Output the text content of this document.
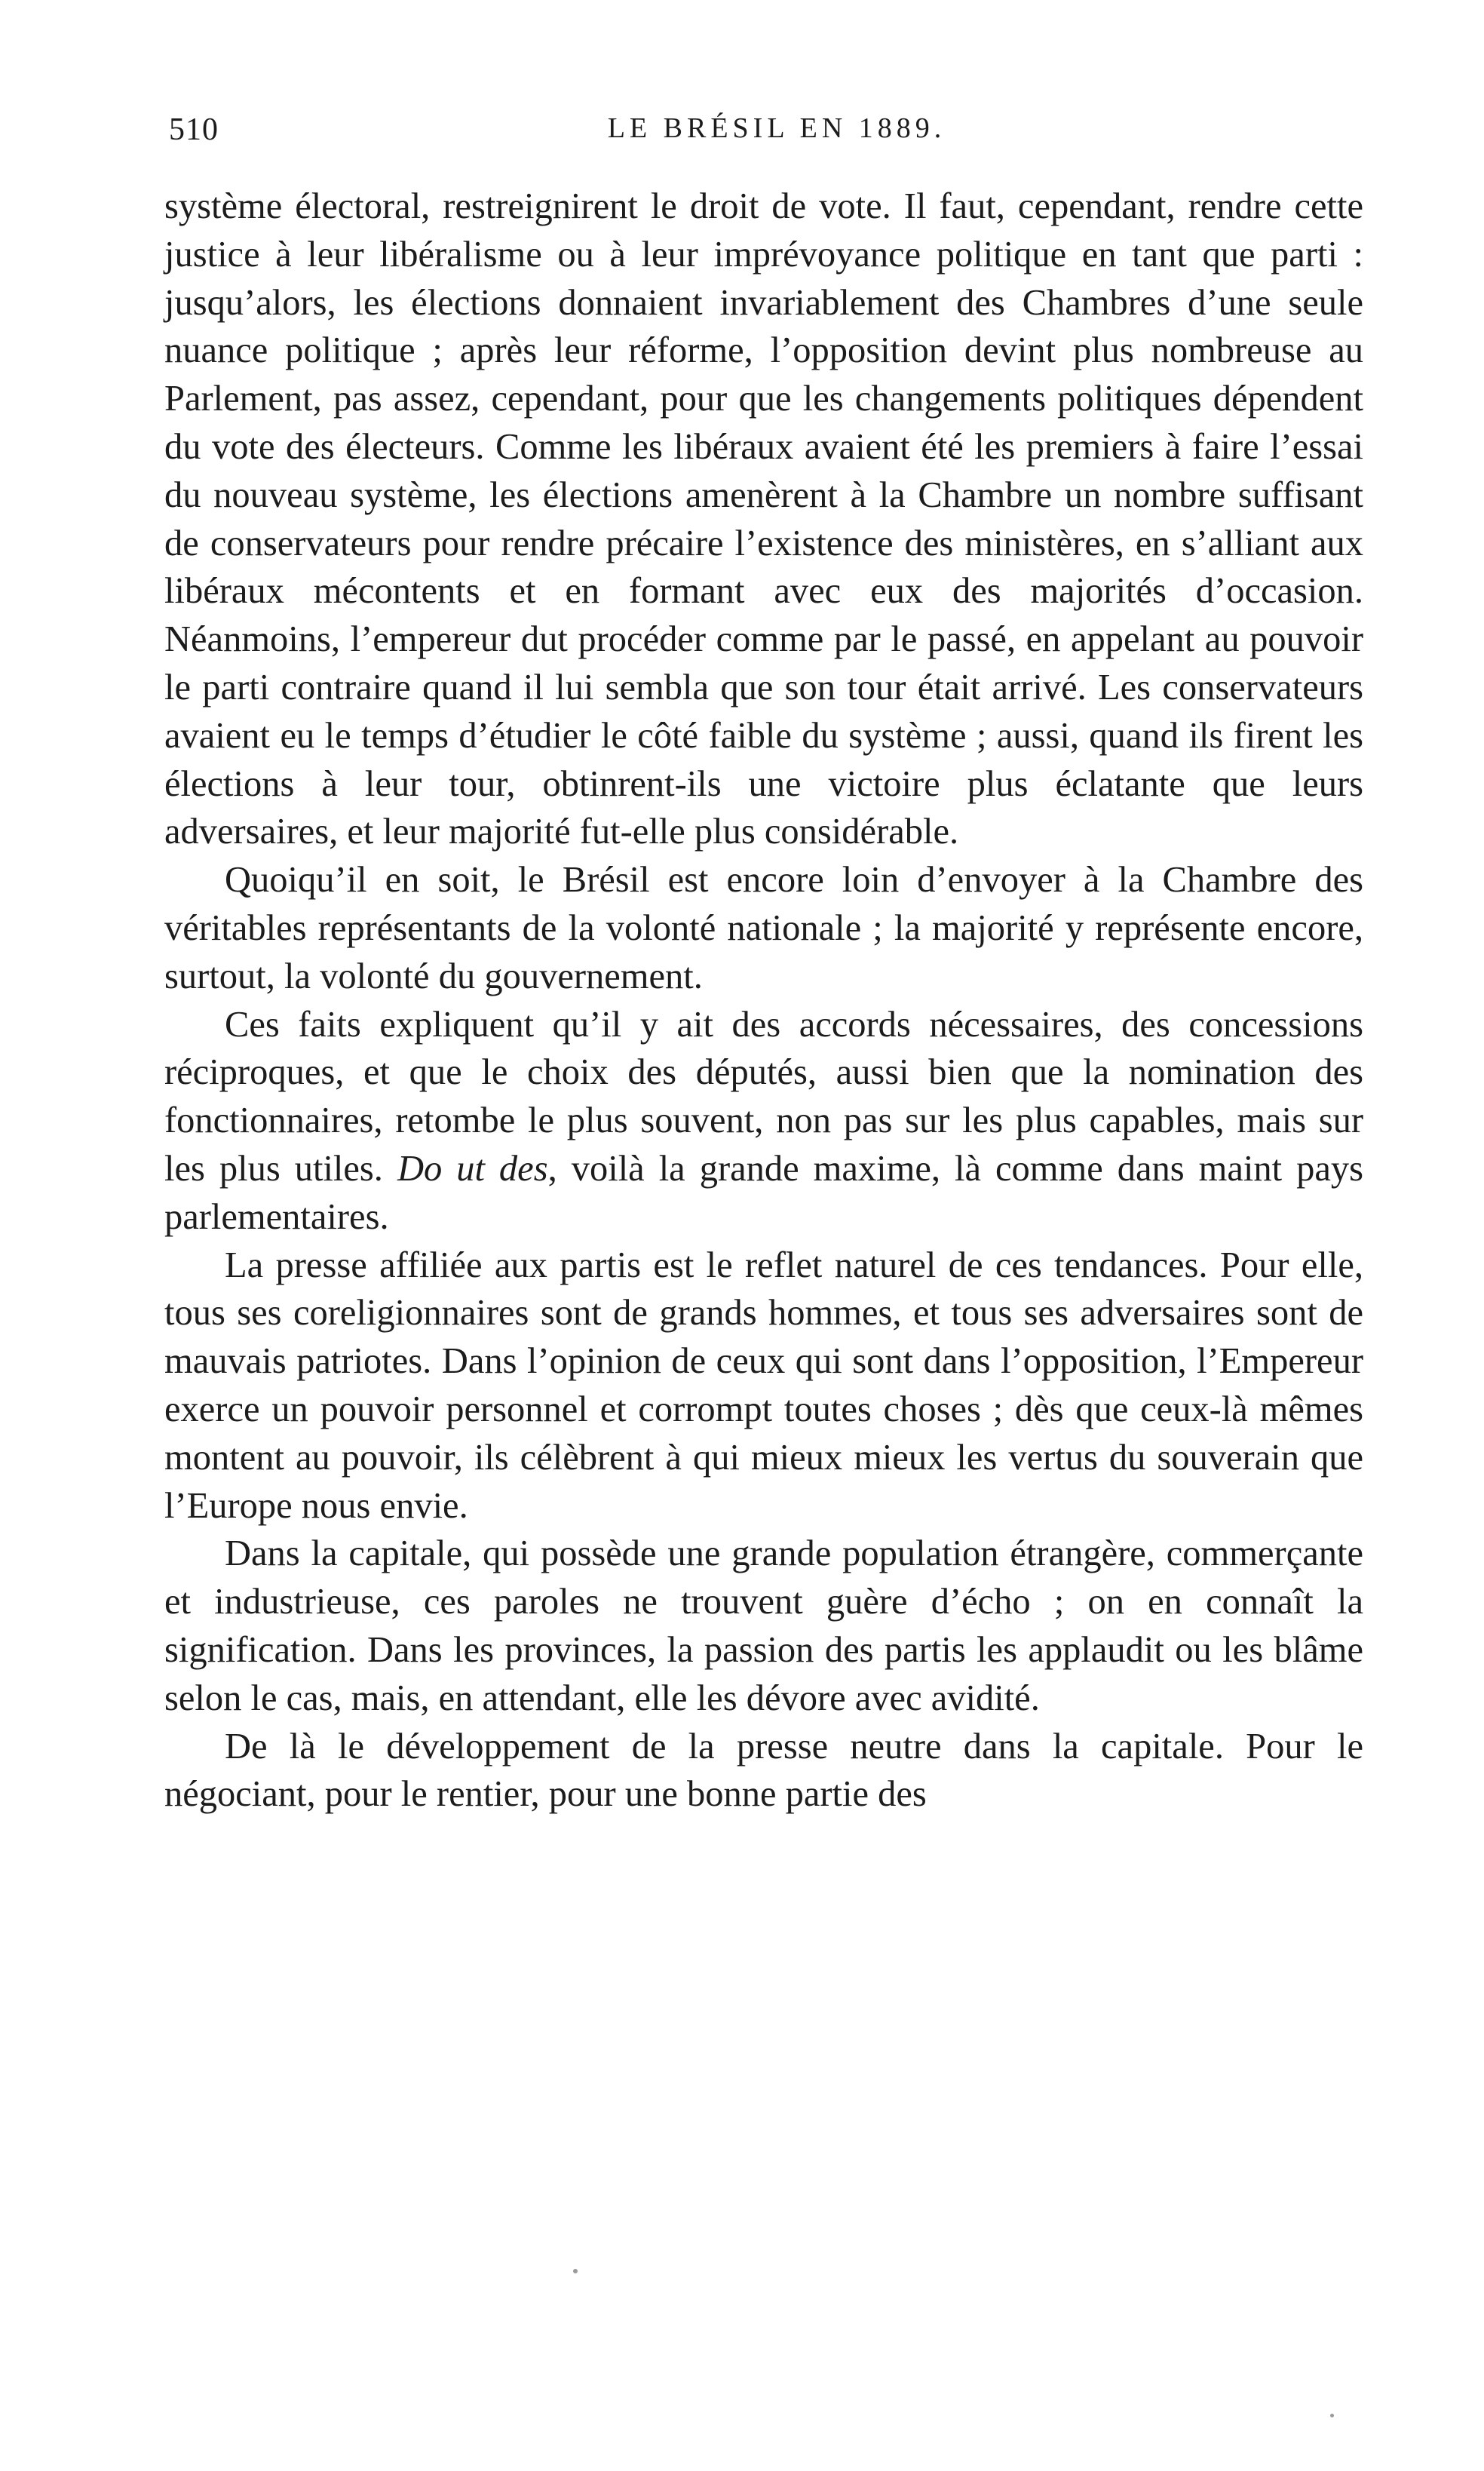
510	LE BRÉSIL EN 1889.

système électoral, restreignirent le droit de vote. Il faut, cependant, rendre cette justice à leur libéralisme ou à leur imprévoyance politique en tant que parti : jusqu’alors, les élections donnaient invariablement des Chambres d’une seule nuance politique ; après leur réforme, l’opposition devint plus nombreuse au Parlement, pas assez, cependant, pour que les changements politiques dépendent du vote des électeurs. Comme les libéraux avaient été les premiers à faire l’essai du nouveau système, les élections amenèrent à la Chambre un nombre suffisant de conservateurs pour rendre précaire l’existence des ministères, en s’alliant aux libéraux mécontents et en formant avec eux des majorités d’occasion. Néanmoins, l’empereur dut procéder comme par le passé, en appelant au pouvoir le parti contraire quand il lui sembla que son tour était arrivé. Les conservateurs avaient eu le temps d’étudier le côté faible du système ; aussi, quand ils firent les élections à leur tour, obtinrent-ils une victoire plus éclatante que leurs adversaires, et leur majorité fut-elle plus considérable.

Quoiqu’il en soit, le Brésil est encore loin d’envoyer à la Chambre des véritables représentants de la volonté nationale ; la majorité y représente encore, surtout, la volonté du gouvernement.

Ces faits expliquent qu’il y ait des accords nécessaires, des concessions réciproques, et que le choix des députés, aussi bien que la nomination des fonctionnaires, retombe le plus souvent, non pas sur les plus capables, mais sur les plus utiles. Do ut des, voilà la grande maxime, là comme dans maint pays parlementaires.

La presse affiliée aux partis est le reflet naturel de ces tendances. Pour elle, tous ses coreligionnaires sont de grands hommes, et tous ses adversaires sont de mauvais patriotes. Dans l’opinion de ceux qui sont dans l’opposition, l’Empereur exerce un pouvoir personnel et corrompt toutes choses ; dès que ceux-là mêmes montent au pouvoir, ils célèbrent à qui mieux mieux les vertus du souverain que l’Europe nous envie.

Dans la capitale, qui possède une grande population étrangère, commerçante et industrieuse, ces paroles ne trouvent guère d’écho ; on en connaît la signification. Dans les provinces, la passion des partis les applaudit ou les blâme selon le cas, mais, en attendant, elle les dévore avec avidité.

De là le développement de la presse neutre dans la capitale. Pour le négociant, pour le rentier, pour une bonne partie des
